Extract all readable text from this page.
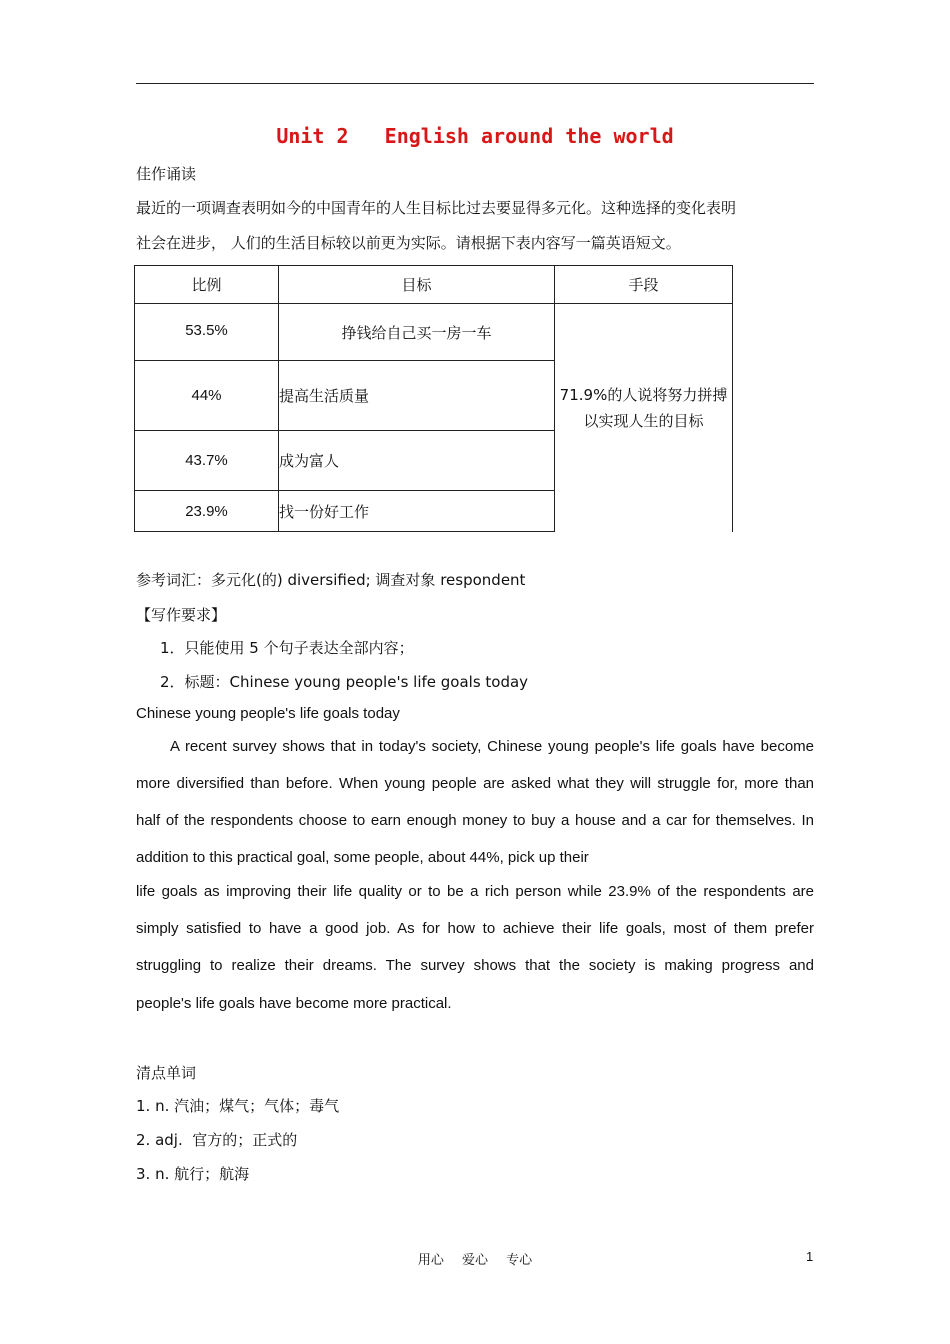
Unit 2   English around the world
佳作诵读
最近的一项调查表明如今的中国青年的人生目标比过去要显得多元化。这种选择的变化表明
社会在进步， 人们的生活目标较以前更为实际。请根据下表内容写一篇英语短文。
比例	目标	手段
53.5%	挣钱给自己买一房一车	71.9%的人说将努力拼搏
以实现人生的目标

44%	提高生活质量	
43.7%	成为富人	
23.9%	找一份好工作	
参考词汇：多元化(的) diversified; 调查对象 respondent
【写作要求】
1．只能使用 5 个句子表达全部内容；
2．标题：Chinese young people's life goals today
Chinese young people's life goals today
A recent survey shows that in today's society, Chinese young people's life goals have become
more diversified than before. When young people are asked what they will struggle for, more than
half of the respondents choose to earn enough money to buy a house and a car for themselves. In
addition to this practical goal, some people, about 44%, pick up their
life goals as improving their life quality or to be a rich person while 23.9% of the respondents are
simply satisfied to have a good job. As for how to achieve their life goals, most of them prefer
struggling to realize their dreams. The survey shows that the society is making progress and
people's life goals have become more practical.
清点单词
1. n. 汽油；煤气；气体；毒气
2. adj.  官方的；正式的
3. n. 航行；航海
用心 爱心 专心	1
